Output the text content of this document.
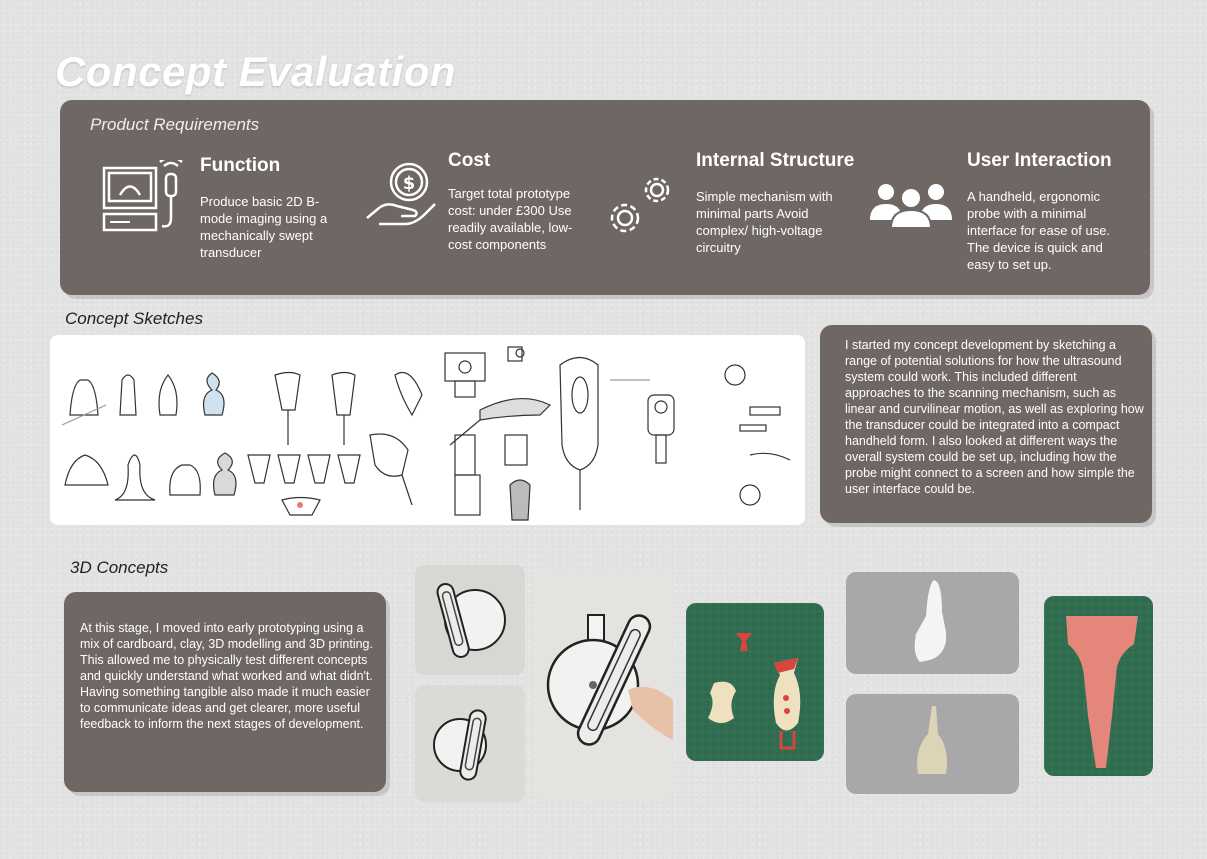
Concept Evaluation
Product Requirements
Function
Produce basic 2D B-mode imaging using a mechanically swept transducer
$
Cost
Target total prototype cost: under £300 Use readily available, low-cost components
Internal Structure
Simple mechanism with minimal parts Avoid complex/ high-voltage circuitry
User Interaction
A handheld, ergonomic probe with a minimal interface for ease of use. The device is quick and easy to set up.
Concept Sketches
I started my concept development by sketching a range of potential solutions for how the ultrasound system could work. This included different approaches to the scanning mechanism, such as linear and curvilinear motion, as well as exploring how the transducer could be integrated into a compact handheld form. I also looked at different ways the overall system could be set up, including how the probe might connect to a screen and how simple the user interface could be.
3D Concepts
At this stage, I moved into early prototyping using a mix of cardboard, clay, 3D modelling and 3D printing. This allowed me to physically test different concepts and quickly understand what worked and what didn't. Having something tangible also made it much easier to communicate ideas and get clearer, more useful feedback to inform the next stages of development.
